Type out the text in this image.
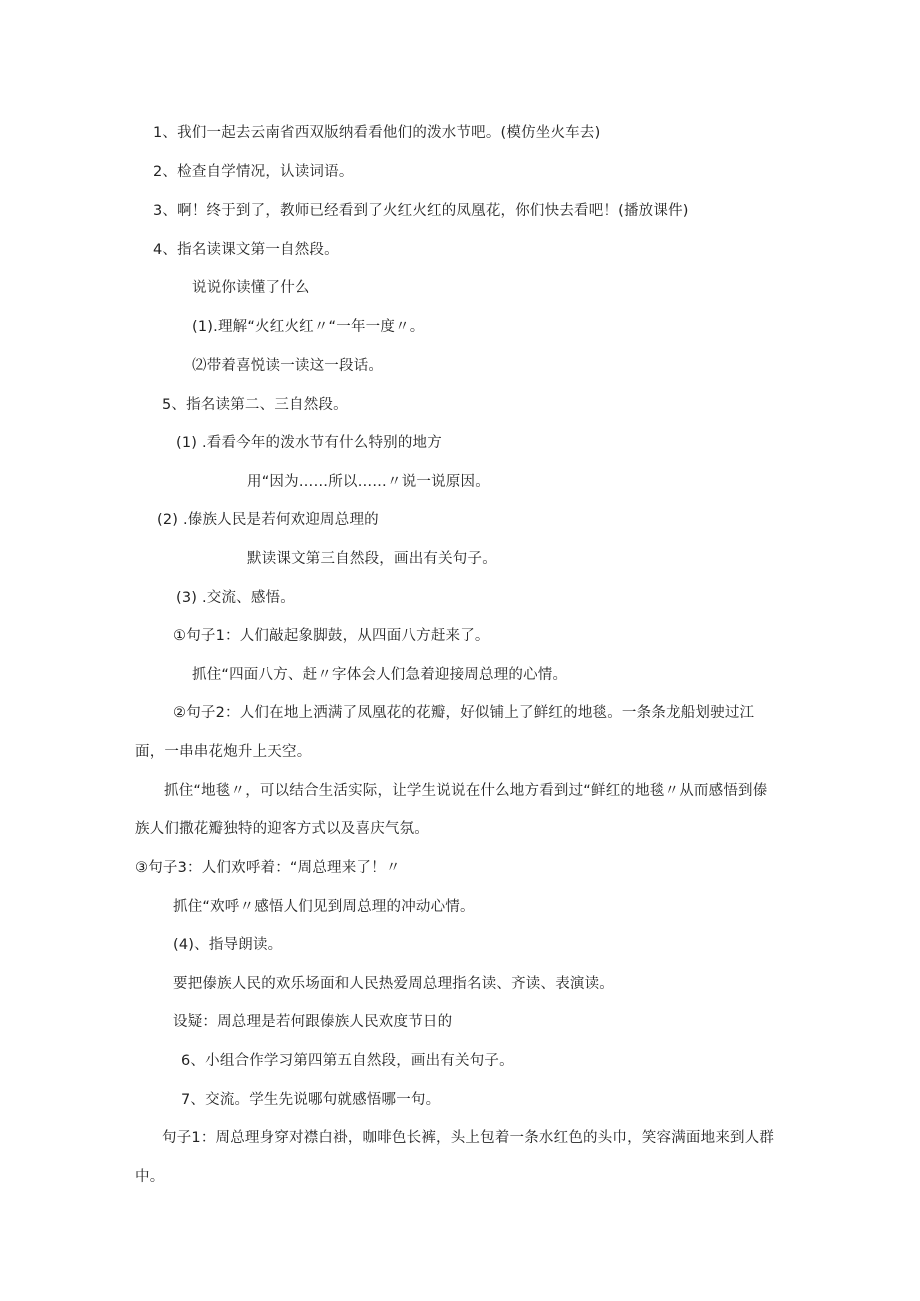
1、我们一起去云南省西双版纳看看他们的泼水节吧。(模仿坐火车去)
2、检查自学情况，认读词语。
3、啊！终于到了，教师已经看到了火红火红的凤凰花，你们快去看吧！(播放课件)
4、指名读课文第一自然段。
说说你读懂了什么
(1).理解“火红火红〃“一年一度〃。
⑵带着喜悦读一读这一段话。
5、指名读第二、三自然段。
(1) .看看今年的泼水节有什么特别的地方
用“因为……所以……〃说一说原因。
(2) .傣族人民是若何欢迎周总理的
默读课文第三自然段，画出有关句子。
(3) .交流、感悟。
①句子1：人们敲起象脚鼓，从四面八方赶来了。
抓住“四面八方、赶〃字体会人们急着迎接周总理的心情。
②句子2：人们在地上洒满了凤凰花的花瓣，好似铺上了鲜红的地毯。一条条龙船划驶过江
面，一串串花炮升上天空。
抓住“地毯〃，可以结合生活实际，让学生说说在什么地方看到过“鲜红的地毯〃从而感悟到傣
族人们撒花瓣独特的迎客方式以及喜庆气氛。
③句子3：人们欢呼着：“周总理来了！〃
抓住“欢呼〃感悟人们见到周总理的冲动心情。
(4)、指导朗读。
要把傣族人民的欢乐场面和人民热爱周总理指名读、齐读、表演读。
设疑：周总理是若何跟傣族人民欢度节日的
6、小组合作学习第四第五自然段，画出有关句子。
7、交流。学生先说哪句就感悟哪一句。
句子1：周总理身穿对襟白褂，咖啡色长裤，头上包着一条水红色的头巾，笑容满面地来到人群
中。
